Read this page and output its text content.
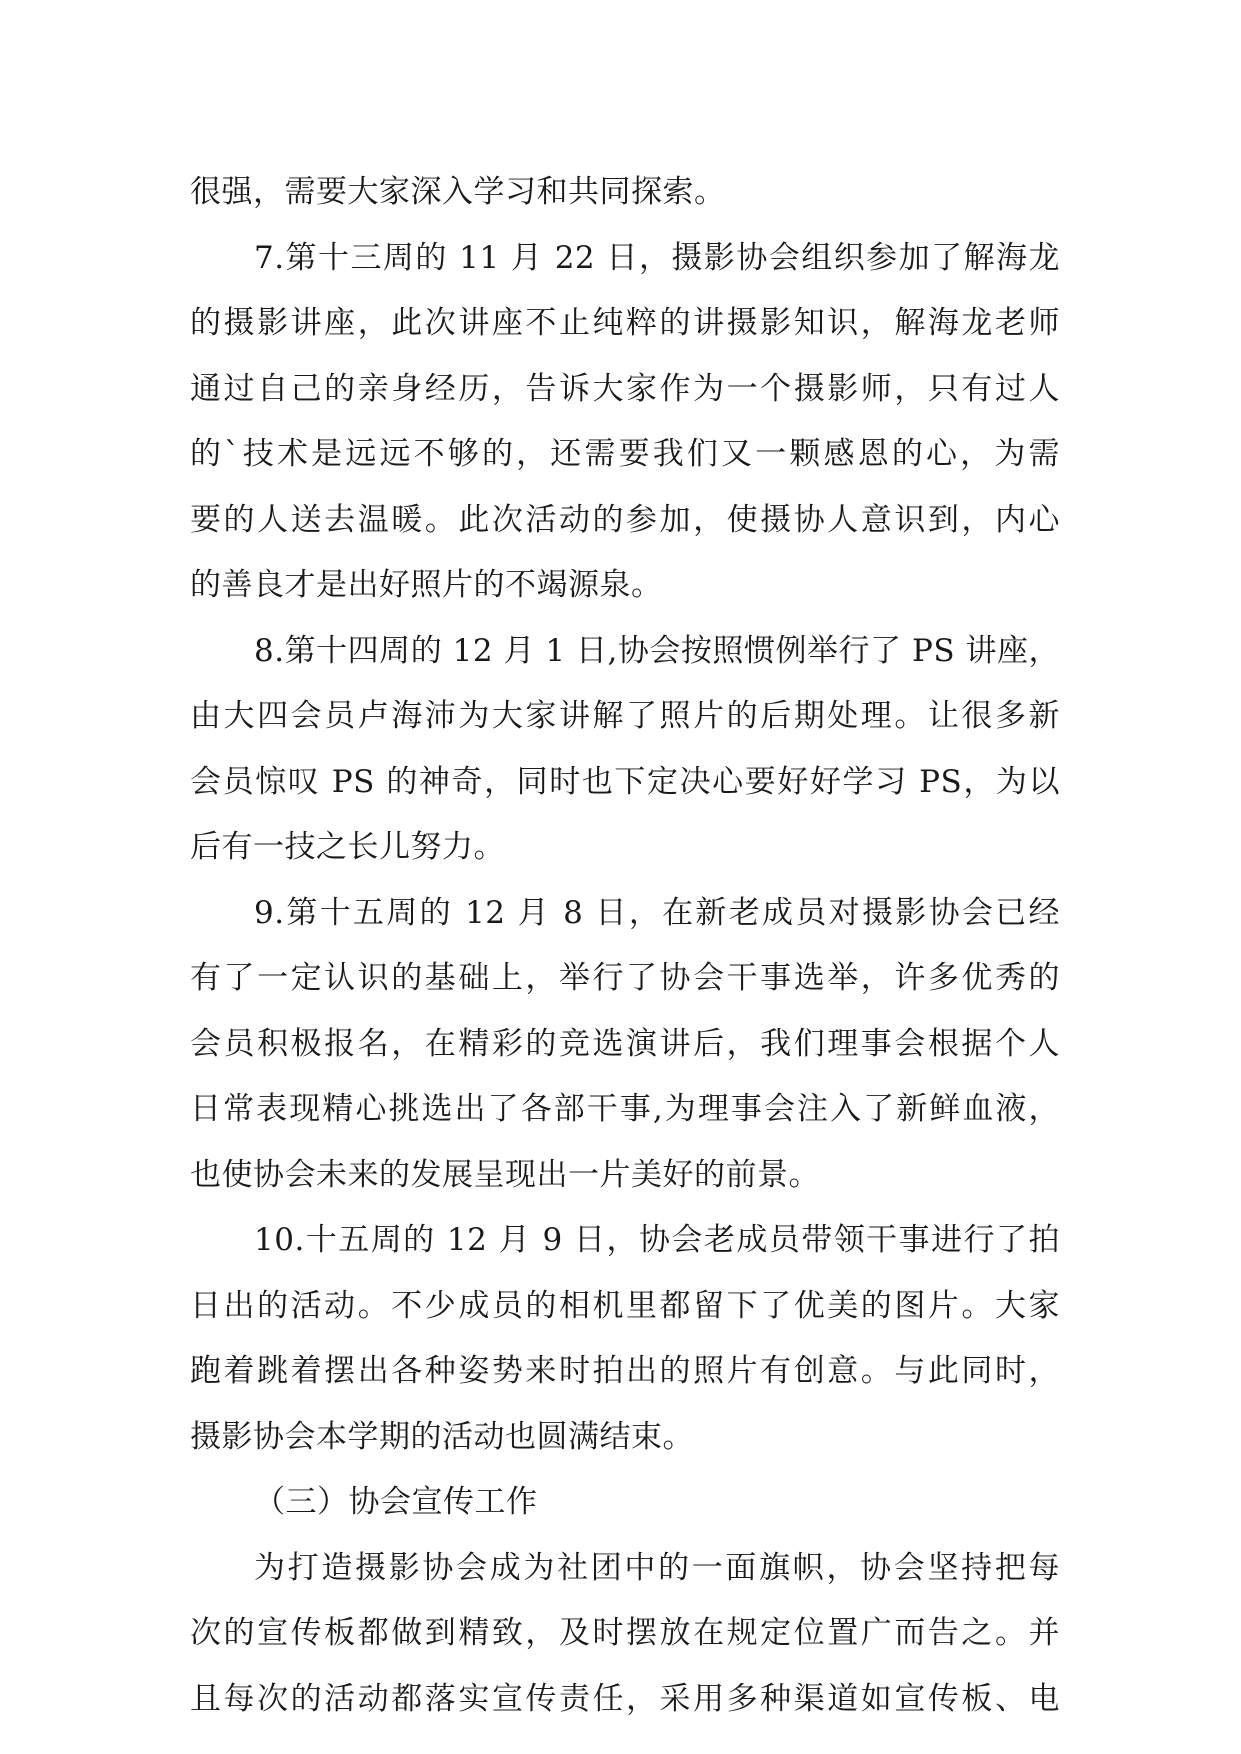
很强，需要大家深入学习和共同探索。
7.第十三周的 11 月 22 日，摄影协会组织参加了解海龙
的摄影讲座，此次讲座不止纯粹的讲摄影知识，解海龙老师
通过自己的亲身经历，告诉大家作为一个摄影师，只有过人
的`技术是远远不够的，还需要我们又一颗感恩的心，为需
要的人送去温暖。此次活动的参加，使摄协人意识到，内心
的善良才是出好照片的不竭源泉。
8.第十四周的 12 月 1 日,协会按照惯例举行了 PS 讲座，
由大四会员卢海沛为大家讲解了照片的后期处理。让很多新
会员惊叹 PS 的神奇，同时也下定决心要好好学习 PS，为以
后有一技之长儿努力。
9.第十五周的 12 月 8 日，在新老成员对摄影协会已经
有了一定认识的基础上，举行了协会干事选举，许多优秀的
会员积极报名，在精彩的竞选演讲后，我们理事会根据个人
日常表现精心挑选出了各部干事,为理事会注入了新鲜血液，
也使协会未来的发展呈现出一片美好的前景。
10.十五周的 12 月 9 日，协会老成员带领干事进行了拍
日出的活动。不少成员的相机里都留下了优美的图片。大家
跑着跳着摆出各种姿势来时拍出的照片有创意。与此同时，
摄影协会本学期的活动也圆满结束。
（三）协会宣传工作
为打造摄影协会成为社团中的一面旗帜，协会坚持把每
次的宣传板都做到精致，及时摆放在规定位置广而告之。并
且每次的活动都落实宣传责任，采用多种渠道如宣传板、电
